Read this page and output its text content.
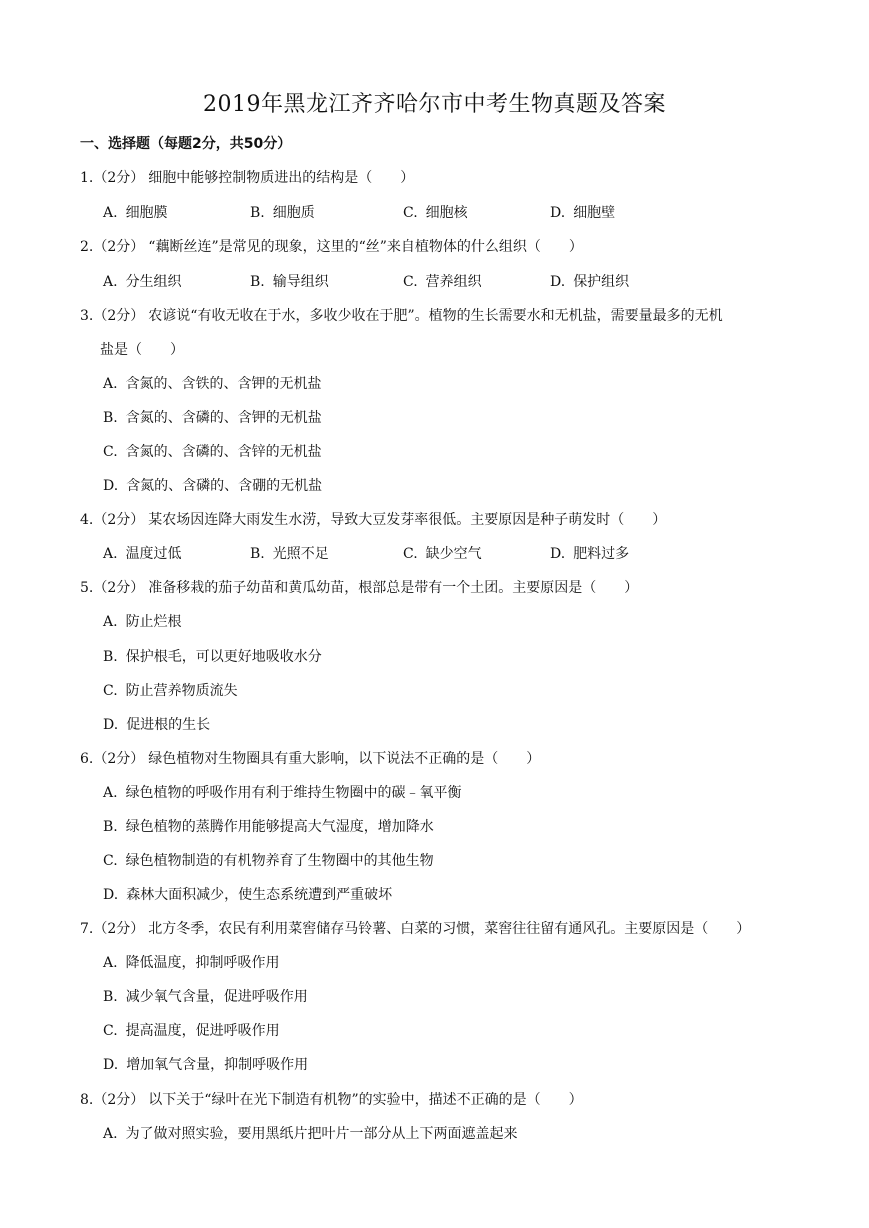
2019年黑龙江齐齐哈尔市中考生物真题及答案
一、选择题（每题2分，共50分）
1.（2分） 细胞中能够控制物质进出的结构是（　　）
A. 细胞膜	B. 细胞质	C. 细胞核	D. 细胞壁
2.（2分） “藕断丝连”是常见的现象，这里的“丝”来自植物体的什么组织（　　）
A. 分生组织	B. 输导组织	C. 营养组织	D. 保护组织
3.（2分） 农谚说“有收无收在于水，多收少收在于肥”。植物的生长需要水和无机盐，需要量最多的无机
盐是（　　）
A. 含氮的、含铁的、含钾的无机盐
B. 含氮的、含磷的、含钾的无机盐
C. 含氮的、含磷的、含锌的无机盐
D. 含氮的、含磷的、含硼的无机盐
4.（2分） 某农场因连降大雨发生水涝，导致大豆发芽率很低。主要原因是种子萌发时（　　）
A. 温度过低	B. 光照不足	C. 缺少空气	D. 肥料过多
5.（2分） 准备移栽的茄子幼苗和黄瓜幼苗，根部总是带有一个土团。主要原因是（　　）
A. 防止烂根
B. 保护根毛，可以更好地吸收水分
C. 防止营养物质流失
D. 促进根的生长
6.（2分） 绿色植物对生物圈具有重大影响，以下说法不正确的是（　　）
A. 绿色植物的呼吸作用有利于维持生物圈中的碳﹣氧平衡
B. 绿色植物的蒸腾作用能够提高大气湿度，增加降水
C. 绿色植物制造的有机物养育了生物圈中的其他生物
D. 森林大面积减少，使生态系统遭到严重破坏
7.（2分） 北方冬季，农民有利用菜窖储存马铃薯、白菜的习惯，菜窖往往留有通风孔。主要原因是（　　）
A. 降低温度，抑制呼吸作用
B. 减少氧气含量，促进呼吸作用
C. 提高温度，促进呼吸作用
D. 增加氧气含量，抑制呼吸作用
8.（2分） 以下关于“绿叶在光下制造有机物”的实验中，描述不正确的是（　　）
A. 为了做对照实验，要用黑纸片把叶片一部分从上下两面遮盖起来
